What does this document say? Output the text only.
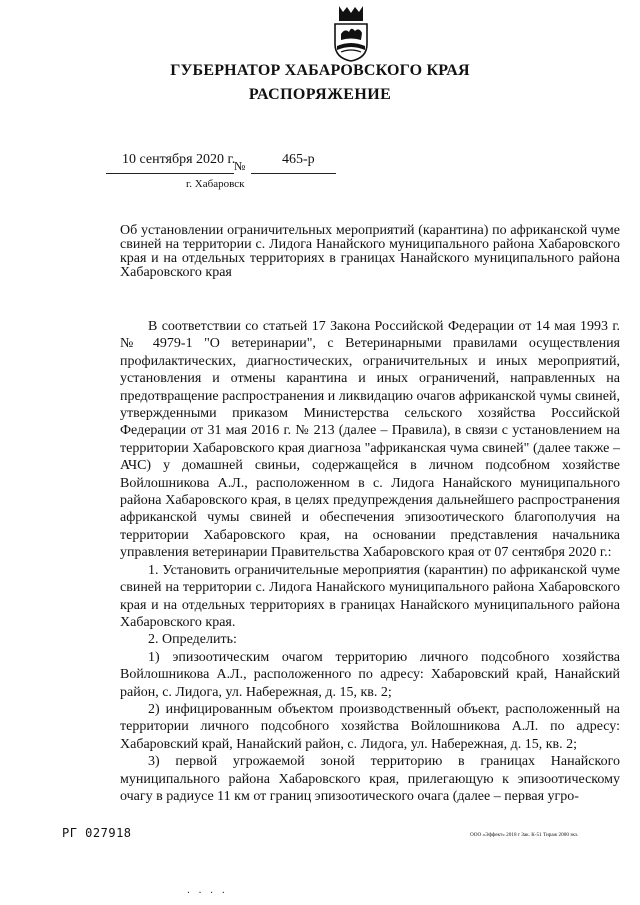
ГУБЕРНАТОР ХАБАРОВСКОГО КРАЯ
РАСПОРЯЖЕНИЕ
10 сентября 2020 г.
№	465-р
г. Хабаровск

Об установлении ограничительных мероприятий (карантина) по африканской чуме свиней на территории с. Лидога Нанайского муниципального района Хабаровского края и на отдельных территориях в границах Нанайского муниципального района Хабаровского края

В соответствии со статьей 17 Закона Российской Федерации от 14 мая 1993 г. № 4979-1 "О ветеринарии", с Ветеринарными правилами осуществления профилактических, диагностических, ограничительных и иных мероприятий, установления и отмены карантина и иных ограничений, направленных на предотвращение распространения и ликвидацию очагов африканской чумы свиней, утвержденными приказом Министерства сельского хозяйства Российской Федерации от 31 мая 2016 г. № 213 (далее – Правила), в связи с установлением на территории Хабаровского края диагноза "африканская чума свиней" (далее также – АЧС) у домашней свиньи, содержащейся в личном подсобном хозяйстве Войлошникова А.Л., расположенном в с. Лидога Нанайского муниципального района Хабаровского края, в целях предупреждения дальнейшего распространения африканской чумы свиней и обеспечения эпизоотического благополучия на территории Хабаровского края, на основании представления начальника управления ветеринарии Правительства Хабаровского края от 07 сентября 2020 г.:

1. Установить ограничительные мероприятия (карантин) по африканской чуме свиней на территории с. Лидога Нанайского муниципального района Хабаровского края и на отдельных территориях в границах Нанайского муниципального района Хабаровского края.

2. Определить:

1) эпизоотическим очагом территорию личного подсобного хозяйства Войлошникова А.Л., расположенного по адресу: Хабаровский край, Нанайский район, с. Лидога, ул. Набережная, д. 15, кв. 2;

2) инфицированным объектом производственный объект, расположенный на территории личного подсобного хозяйства Войлошникова А.Л. по адресу: Хабаровский край, Нанайский район, с. Лидога, ул. Набережная, д. 15, кв. 2;

3) первой угрожаемой зоной территорию в границах Нанайского муниципального района Хабаровского края, прилегающую к эпизоотическому очагу в радиусе 11 км от границ эпизоотического очага (далее – первая угро-

РГ 027918	ООО «Эффект» 2018 г Зак. К-51 Тираж 2000 экз.
· · · ·
